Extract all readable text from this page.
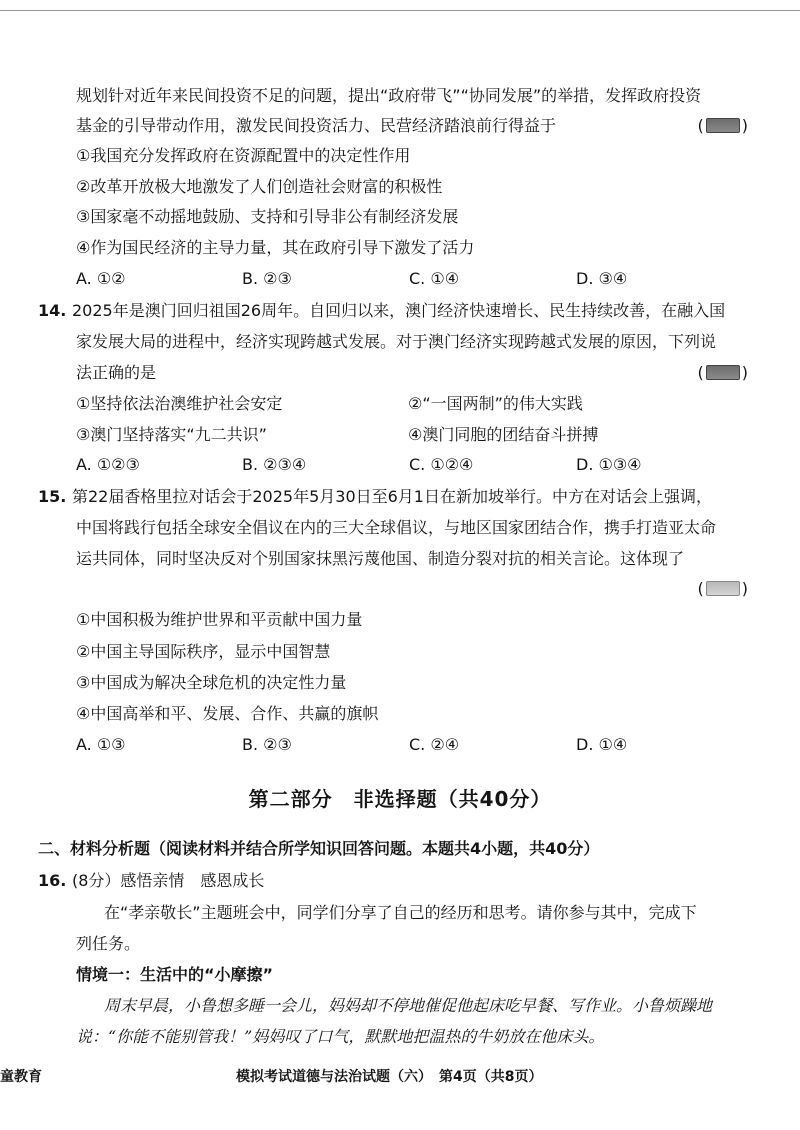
规划针对近年来民间投资不足的问题，提出“政府带飞”“协同发展”的举措，发挥政府投资
基金的引导带动作用，激发民间投资活力、民营经济踏浪前行得益于	( )
①我国充分发挥政府在资源配置中的决定性作用
②改革开放极大地激发了人们创造社会财富的积极性
③国家毫不动摇地鼓励、支持和引导非公有制经济发展
④作为国民经济的主导力量，其在政府引导下激发了活力
A. ①②	B. ②③	C. ①④	D. ③④
14. 2025年是澳门回归祖国26周年。自回归以来，澳门经济快速增长、民生持续改善，在融入国
家发展大局的进程中，经济实现跨越式发展。对于澳门经济实现跨越式发展的原因，下列说
法正确的是	( )
①坚持依法治澳维护社会安定	②“一国两制”的伟大实践
③澳门坚持落实“九二共识”	④澳门同胞的团结奋斗拼搏
A. ①②③	B. ②③④	C. ①②④	D. ①③④
15. 第22届香格里拉对话会于2025年5月30日至6月1日在新加坡举行。中方在对话会上强调，
中国将践行包括全球安全倡议在内的三大全球倡议，与地区国家团结合作，携手打造亚太命
运共同体，同时坚决反对个别国家抹黑污蔑他国、制造分裂对抗的相关言论。这体现了
( )
①中国积极为维护世界和平贡献中国力量
②中国主导国际秩序，显示中国智慧
③中国成为解决全球危机的决定性力量
④中国高举和平、发展、合作、共赢的旗帜
A. ①③	B. ②③	C. ②④	D. ①④
第二部分　非选择题（共40分）
二、材料分析题（阅读材料并结合所学知识回答问题。本题共4小题，共40分）
16. (8分）感悟亲情　感恩成长
在“孝亲敬长”主题班会中，同学们分享了自己的经历和思考。请你参与其中，完成下
列任务。
情境一：生活中的“小摩擦”
周末早晨，小鲁想多睡一会儿，妈妈却不停地催促他起床吃早餐、写作业。小鲁烦躁地
说：“你能不能别管我！”妈妈叹了口气，默默地把温热的牛奶放在他床头。
童教育	模拟考试道德与法治试题（六）　第4页（共8页）
